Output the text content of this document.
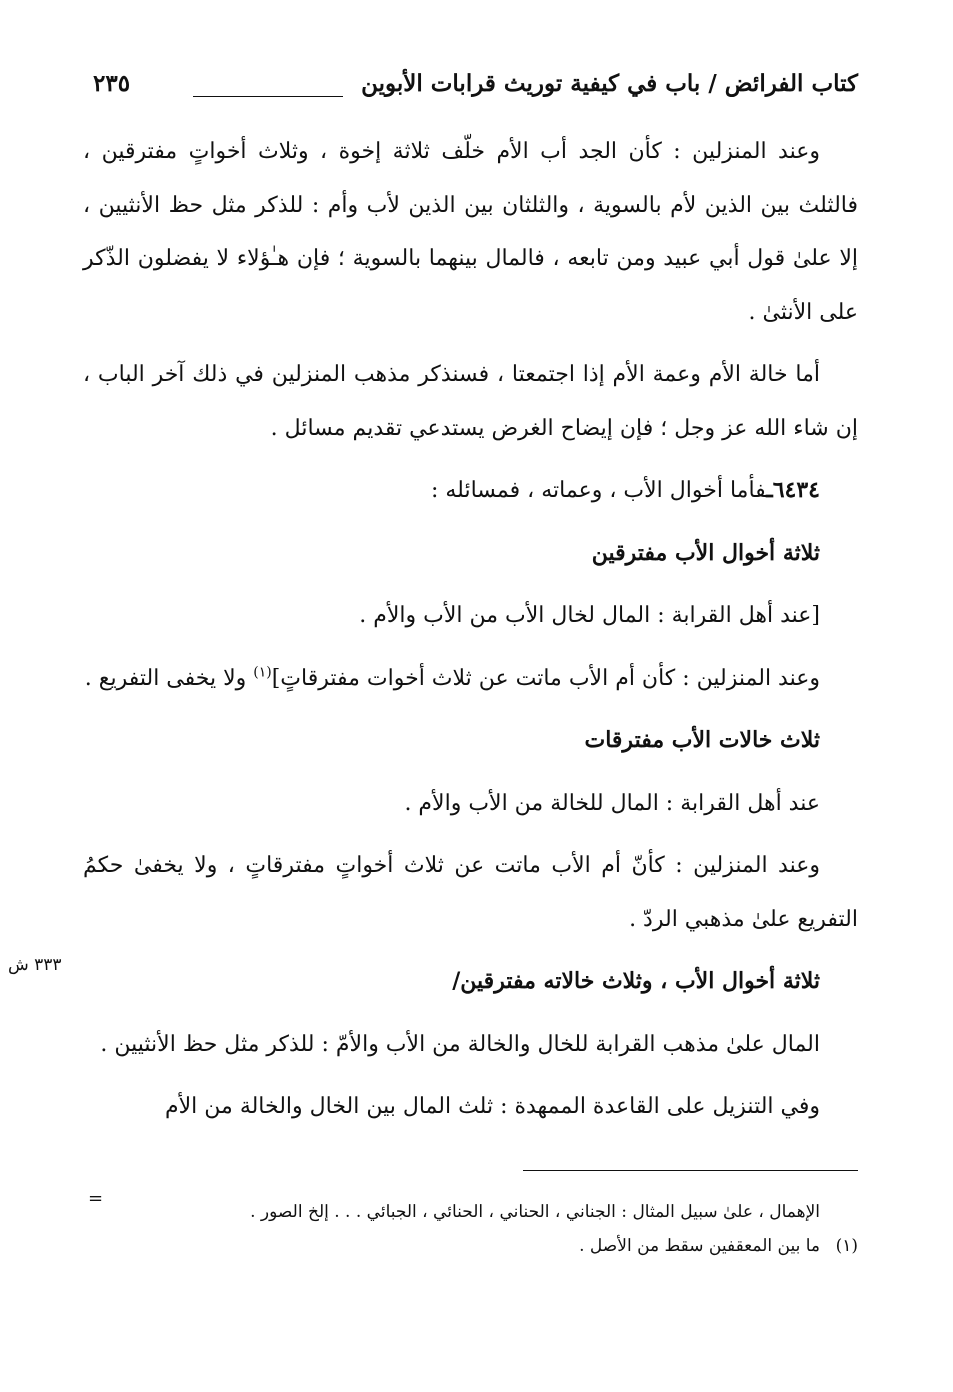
كتاب الفرائض / باب في كيفية توريث قرابات الأبوين
٢٣٥

وعند المنزلين : كأن الجد أب الأم خلّف ثلاثة إخوة ، وثلاث أخواتٍ مفترقين ، فالثلث بين الذين لأم بالسوية ، والثلثان بين الذين لأب وأم : للذكر مثل حظ الأنثيين ، إلا علىٰ قول أبي عبيد ومن تابعه ، فالمال بينهما بالسوية ؛ فإن هـٰؤلاء لا يفضلون الذّكر على الأنثىٰ .

أما خالة الأم وعمة الأم إذا اجتمعتا ، فسنذكر مذهب المنزلين في ذلك آخر الباب ، إن شاء الله عز وجل ؛ فإن إيضاح الغرض يستدعي تقديم مسائل .

٦٤٣٤ـفأما أخوال الأب ، وعماته ، فمسائله :

ثلاثة أخوال الأب مفترقين

[عند أهل القرابة : المال لخال الأب من الأب والأم .

وعند المنزلين : كأن أم الأب ماتت عن ثلاث أخوات مفترقاتٍ]$^{(١)}$ ولا يخفى التفريع .

ثلاث خالات الأب مفترقات

عند أهل القرابة : المال للخالة من الأب والأم .

وعند المنزلين : كأنّ أم الأب ماتت عن ثلاث أخواتٍ مفترقاتٍ ، ولا يخفىٰ حكمُ التفريع علىٰ مذهبي الردّ .

ثلاثة أخوال الأب ، وثلاث خالاته مفترقين/

المال علىٰ مذهب القرابة للخال والخالة من الأب والأمّ : للذكر مثل حظ الأنثيين .

وفي التنزيل على القاعدة الممهدة : ثلث المال بين الخال والخالة من الأم

٣٣٣ ش
=

الإهمال ، علىٰ سبيل المثال : الجناني ، الحناني ، الحنائي ، الجبائي . . . إلخ الصور .

(١)ما بين المعقفين سقط من الأصل .
